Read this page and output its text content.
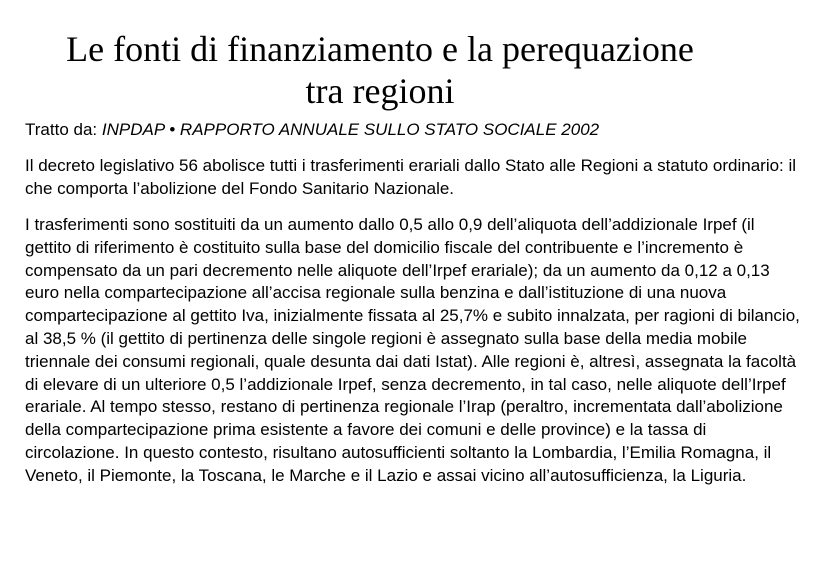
Le fonti di finanziamento e la perequazione
tra regioni

Tratto da: INPDAP • RAPPORTO ANNUALE SULLO STATO SOCIALE 2002

Il decreto legislativo 56 abolisce tutti i trasferimenti erariali dallo Stato alle Regioni a statuto ordinario: il che comporta l’abolizione del Fondo Sanitario Nazionale.

I trasferimenti sono sostituiti da un aumento dallo 0,5 allo 0,9 dell’aliquota dell’addizionale Irpef (il gettito di riferimento è costituito sulla base del domicilio fiscale del contribuente e l’incremento è compensato da un pari decremento nelle aliquote dell’Irpef erariale); da un aumento da 0,12 a 0,13 euro nella compartecipazione all’accisa regionale sulla benzina e dall’istituzione di una nuova compartecipazione al gettito Iva, inizialmente fissata al 25,7% e subito innalzata, per ragioni di bilancio, al 38,5 % (il gettito di pertinenza delle singole regioni è assegnato sulla base della media mobile triennale dei consumi regionali, quale desunta dai dati Istat). Alle regioni è, altresì, assegnata la facoltà di elevare di un ulteriore 0,5 l’addizionale Irpef, senza decremento, in tal caso, nelle aliquote dell’Irpef erariale. Al tempo stesso, restano di pertinenza regionale l’Irap (peraltro, incrementata dall’abolizione della compartecipazione prima esistente a favore dei comuni e delle province) e la tassa di circolazione. In questo contesto, risultano autosufficienti soltanto la Lombardia, l’Emilia Romagna, il Veneto, il Piemonte, la Toscana, le Marche e il Lazio e assai vicino all’autosufficienza, la Liguria.
